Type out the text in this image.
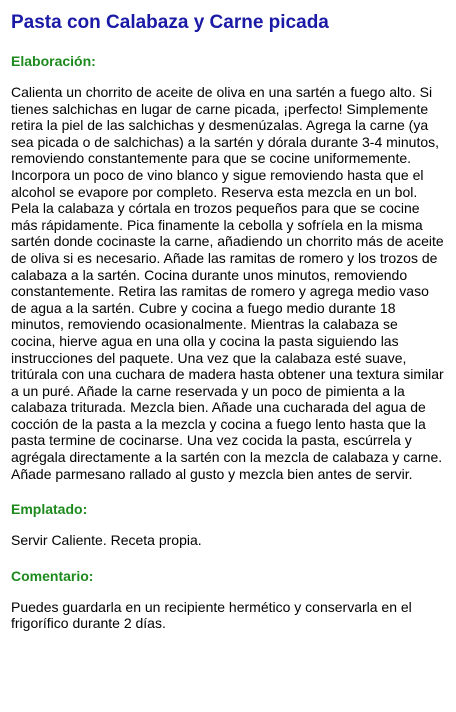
Pasta con Calabaza y Carne picada
Elaboración:

Calienta un chorrito de aceite de oliva en una sartén a fuego alto. Si tienes salchichas en lugar de carne picada, ¡perfecto! Simplemente retira la piel de las salchichas y desmenúzalas. Agrega la carne (ya sea picada o de salchichas) a la sartén y dórala durante 3-4 minutos, removiendo constantemente para que se cocine uniformemente. Incorpora un poco de vino blanco y sigue removiendo hasta que el alcohol se evapore por completo. Reserva esta mezcla en un bol. Pela la calabaza y córtala en trozos pequeños para que se cocine más rápidamente. Pica finamente la cebolla y sofríela en la misma sartén donde cocinaste la carne, añadiendo un chorrito más de aceite de oliva si es necesario. Añade las ramitas de romero y los trozos de calabaza a la sartén. Cocina durante unos minutos, removiendo constantemente. Retira las ramitas de romero y agrega medio vaso de agua a la sartén. Cubre y cocina a fuego medio durante 18 minutos, removiendo ocasionalmente. Mientras la calabaza se cocina, hierve agua en una olla y cocina la pasta siguiendo las instrucciones del paquete. Una vez que la calabaza esté suave, tritúrala con una cuchara de madera hasta obtener una textura similar a un puré. Añade la carne reservada y un poco de pimienta a la calabaza triturada. Mezcla bien. Añade una cucharada del agua de cocción de la pasta a la mezcla y cocina a fuego lento hasta que la pasta termine de cocinarse. Una vez cocida la pasta, escúrrela y agrégala directamente a la sartén con la mezcla de calabaza y carne. Añade parmesano rallado al gusto y mezcla bien antes de servir.

Emplatado:

Servir Caliente. Receta propia.

Comentario:

Puedes guardarla en un recipiente hermético y conservarla en el frigorífico durante 2 días.
